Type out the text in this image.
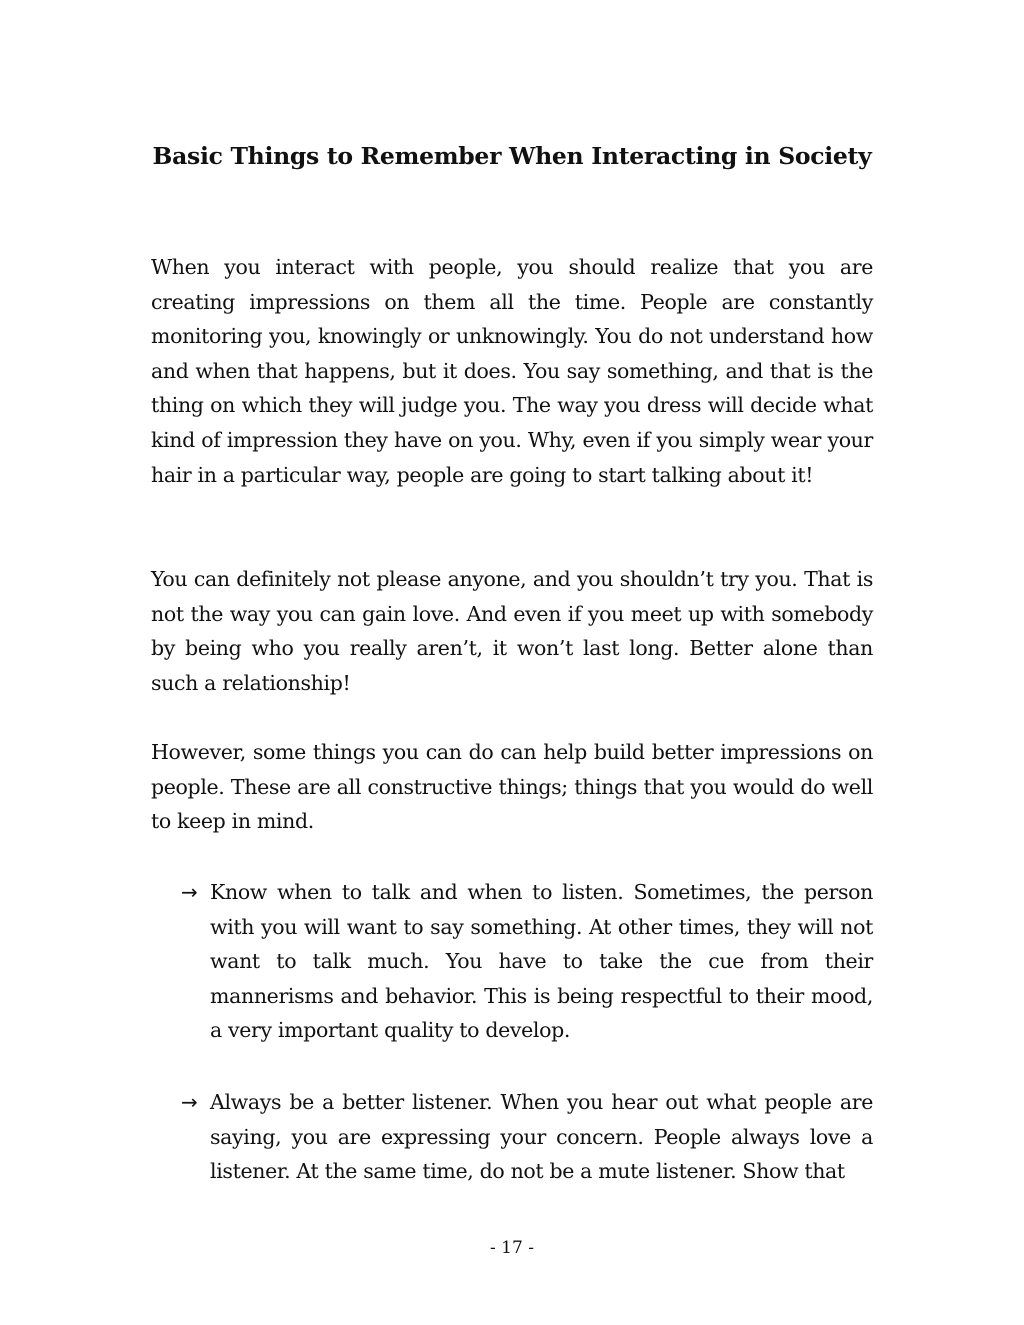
Basic Things to Remember When Interacting in Society

When you interact with people, you should realize that you are creating impressions on them all the time. People are constantly monitoring you, knowingly or unknowingly. You do not understand how and when that happens, but it does. You say something, and that is the thing on which they will judge you. The way you dress will decide what kind of impression they have on you. Why, even if you simply wear your hair in a particular way, people are going to start talking about it!

You can definitely not please anyone, and you shouldn’t try you. That is not the way you can gain love. And even if you meet up with somebody by being who you really aren’t, it won’t last long. Better alone than such a relationship!

However, some things you can do can help build better impressions on people. These are all constructive things; things that you would do well to keep in mind.

→ Know when to talk and when to listen. Sometimes, the person with you will want to say something. At other times, they will not want to talk much. You have to take the cue from their mannerisms and behavior. This is being respectful to their mood, a very important quality to develop.

→ Always be a better listener. When you hear out what people are saying, you are expressing your concern. People always love a listener. At the same time, do not be a mute listener. Show that

- 17 -
